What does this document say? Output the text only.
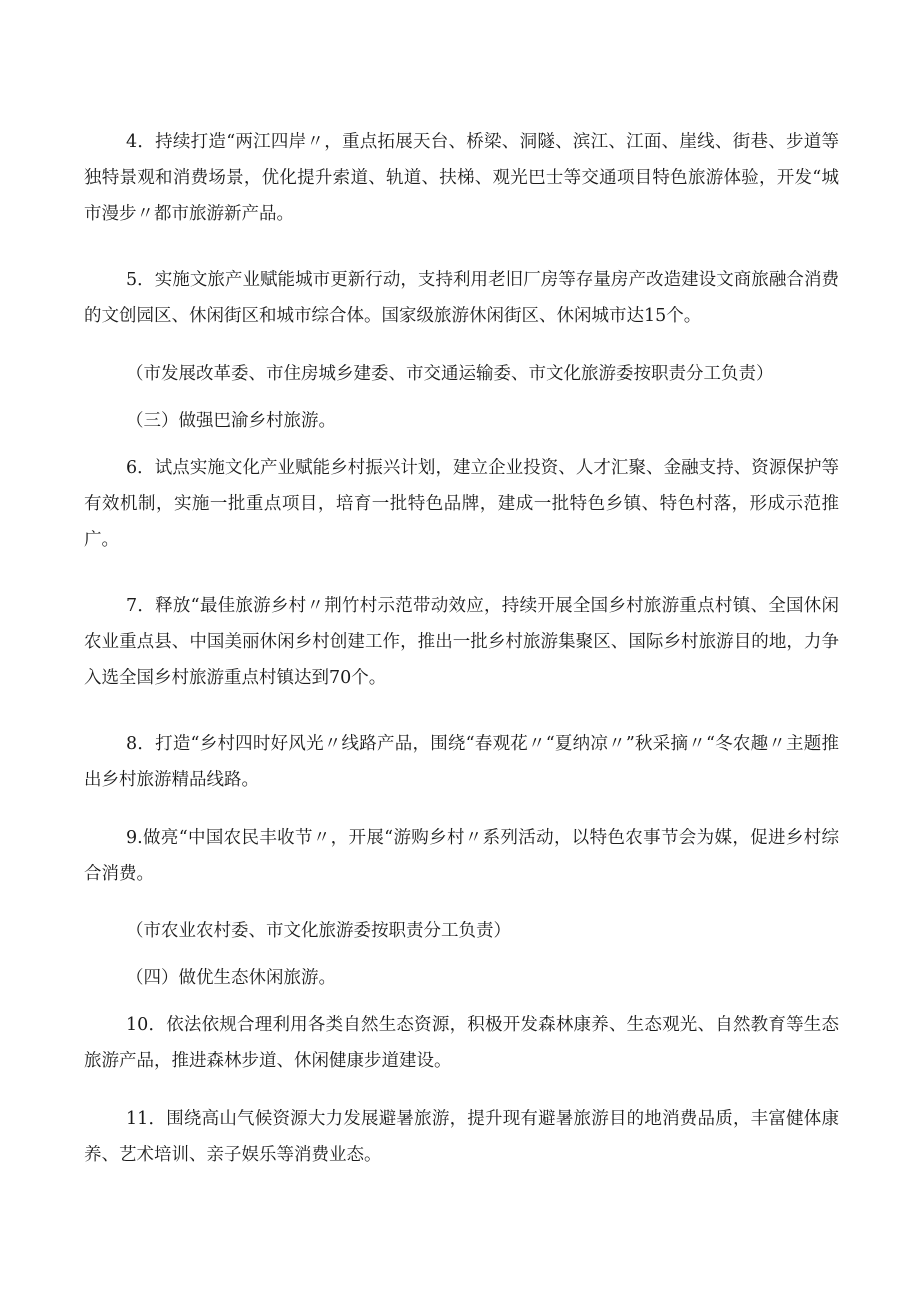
4．持续打造“两江四岸〃，重点拓展天台、桥梁、洞隧、滨江、江面、崖线、街巷、步道等独特景观和消费场景，优化提升索道、轨道、扶梯、观光巴士等交通项目特色旅游体验，开发“城市漫步〃都市旅游新产品。

5．实施文旅产业赋能城市更新行动，支持利用老旧厂房等存量房产改造建设文商旅融合消费的文创园区、休闲街区和城市综合体。国家级旅游休闲街区、休闲城市达15个。

（市发展改革委、市住房城乡建委、市交通运输委、市文化旅游委按职责分工负责）

（三）做强巴渝乡村旅游。

6．试点实施文化产业赋能乡村振兴计划，建立企业投资、人才汇聚、金融支持、资源保护等有效机制，实施一批重点项目，培育一批特色品牌，建成一批特色乡镇、特色村落，形成示范推广。

7．释放“最佳旅游乡村〃荆竹村示范带动效应，持续开展全国乡村旅游重点村镇、全国休闲农业重点县、中国美丽休闲乡村创建工作，推出一批乡村旅游集聚区、国际乡村旅游目的地，力争入选全国乡村旅游重点村镇达到70个。

8．打造“乡村四时好风光〃线路产品，围绕“春观花〃“夏纳凉〃”秋采摘〃“冬农趣〃主题推出乡村旅游精品线路。

9.做亮“中国农民丰收节〃，开展“游购乡村〃系列活动，以特色农事节会为媒，促进乡村综合消费。

（市农业农村委、市文化旅游委按职责分工负责）

（四）做优生态休闲旅游。

10．依法依规合理利用各类自然生态资源，积极开发森林康养、生态观光、自然教育等生态旅游产品，推进森林步道、休闲健康步道建设。

11．围绕高山气候资源大力发展避暑旅游，提升现有避暑旅游目的地消费品质，丰富健体康养、艺术培训、亲子娱乐等消费业态。
